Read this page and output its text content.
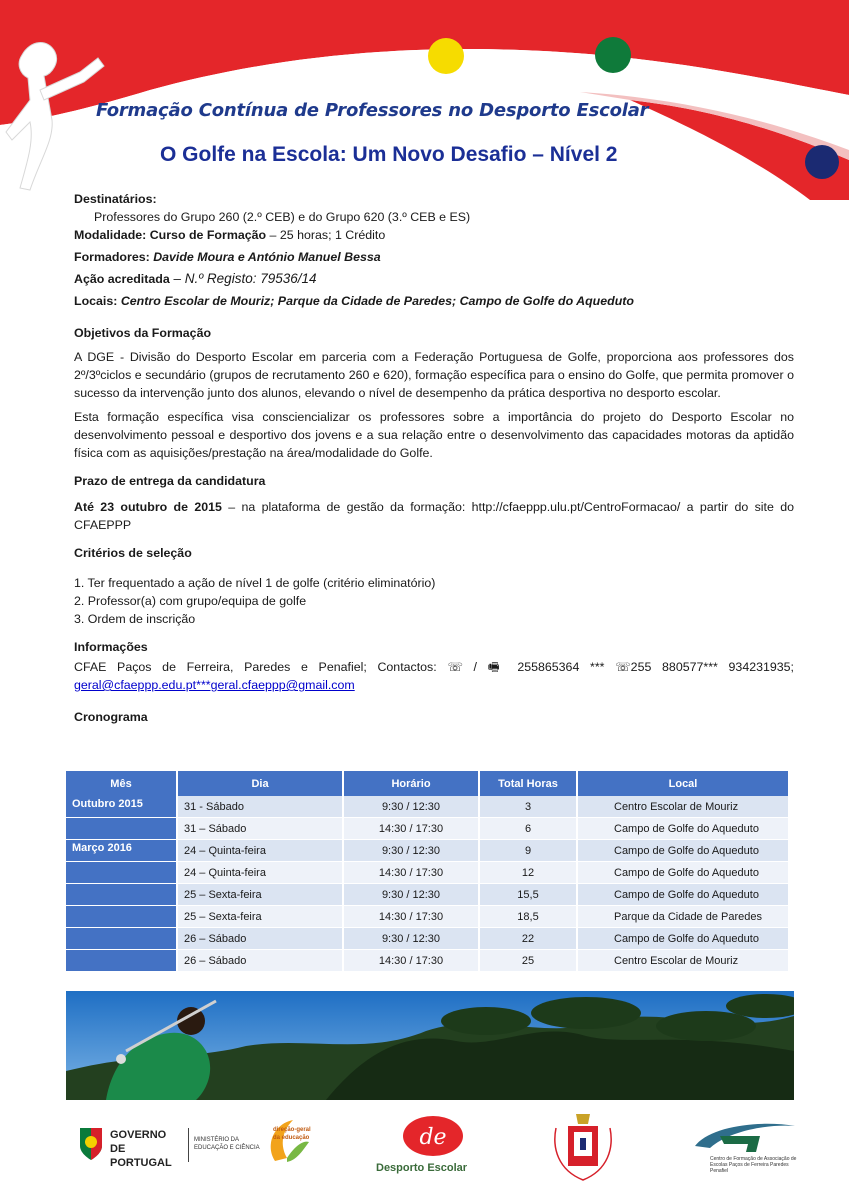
Formação Contínua de Professores no Desporto Escolar
O Golfe na Escola: Um Novo Desafio – Nível 2
Destinatários:
Professores do Grupo 260 (2.º CEB) e do Grupo 620 (3.º CEB e ES)
Modalidade: Curso de Formação – 25 horas; 1 Crédito
Formadores: Davide Moura e António Manuel Bessa
Ação acreditada – N.º Registo: 79536/14
Locais: Centro Escolar de Mouriz; Parque da Cidade de Paredes; Campo de Golfe do Aqueduto
Objetivos da Formação
A DGE - Divisão do Desporto Escolar em parceria com a Federação Portuguesa de Golfe, proporciona aos professores dos 2º/3ºciclos e secundário (grupos de recrutamento 260 e 620), formação específica para o ensino do Golfe, que permita promover o sucesso da intervenção junto dos alunos, elevando o nível de desempenho da prática desportiva no desporto escolar.
Esta formação específica visa consciencializar os professores sobre a importância do projeto do Desporto Escolar no desenvolvimento pessoal e desportivo dos jovens e a sua relação entre o desenvolvimento das capacidades motoras da aptidão física com as aquisições/prestação na área/modalidade do Golfe.
Prazo de entrega da candidatura
Até 23 outubro de 2015 – na plataforma de gestão da formação: http://cfaeppp.ulu.pt/CentroFormacao/ a partir do site do CFAEPPP
Critérios de seleção
1. Ter frequentado a ação de nível 1 de golfe (critério eliminatório)
2. Professor(a) com grupo/equipa de golfe
3. Ordem de inscrição
Informações
CFAE Paços de Ferreira, Paredes e Penafiel; Contactos: ☏ / 🖷 255865364 *** ☏255 880577*** 934231935;
geral@cfaeppp.edu.pt***geral.cfaeppp@gmail.com
Cronograma
Mês	Dia	Horário	Total Horas	Local
Outubro 2015	31 - Sábado	9:30 / 12:30	3	Centro Escolar de Mouriz
	31 – Sábado	14:30 / 17:30	6	Campo de Golfe do Aqueduto
Março 2016	24 – Quinta-feira	9:30 / 12:30	9	Campo de Golfe do Aqueduto
	24 – Quinta-feira	14:30 / 17:30	12	Campo de Golfe do Aqueduto
	25 – Sexta-feira	9:30 / 12:30	15,5	Campo de Golfe do Aqueduto
	25 – Sexta-feira	14:30 / 17:30	18,5	Parque da Cidade de Paredes
	26 – Sábado	9:30 / 12:30	22	Campo de Golfe do Aqueduto
	26 – Sábado	14:30 / 17:30	25	Centro Escolar de Mouriz
GOVERNO DE PORTUGAL
MINISTÉRIO DA EDUCAÇÃO E CIÊNCIA
direção-geral da educação	de
Desporto Escolar
Centro de Formação de Associação de Escolas Paços de Ferreira Paredes Penafiel
